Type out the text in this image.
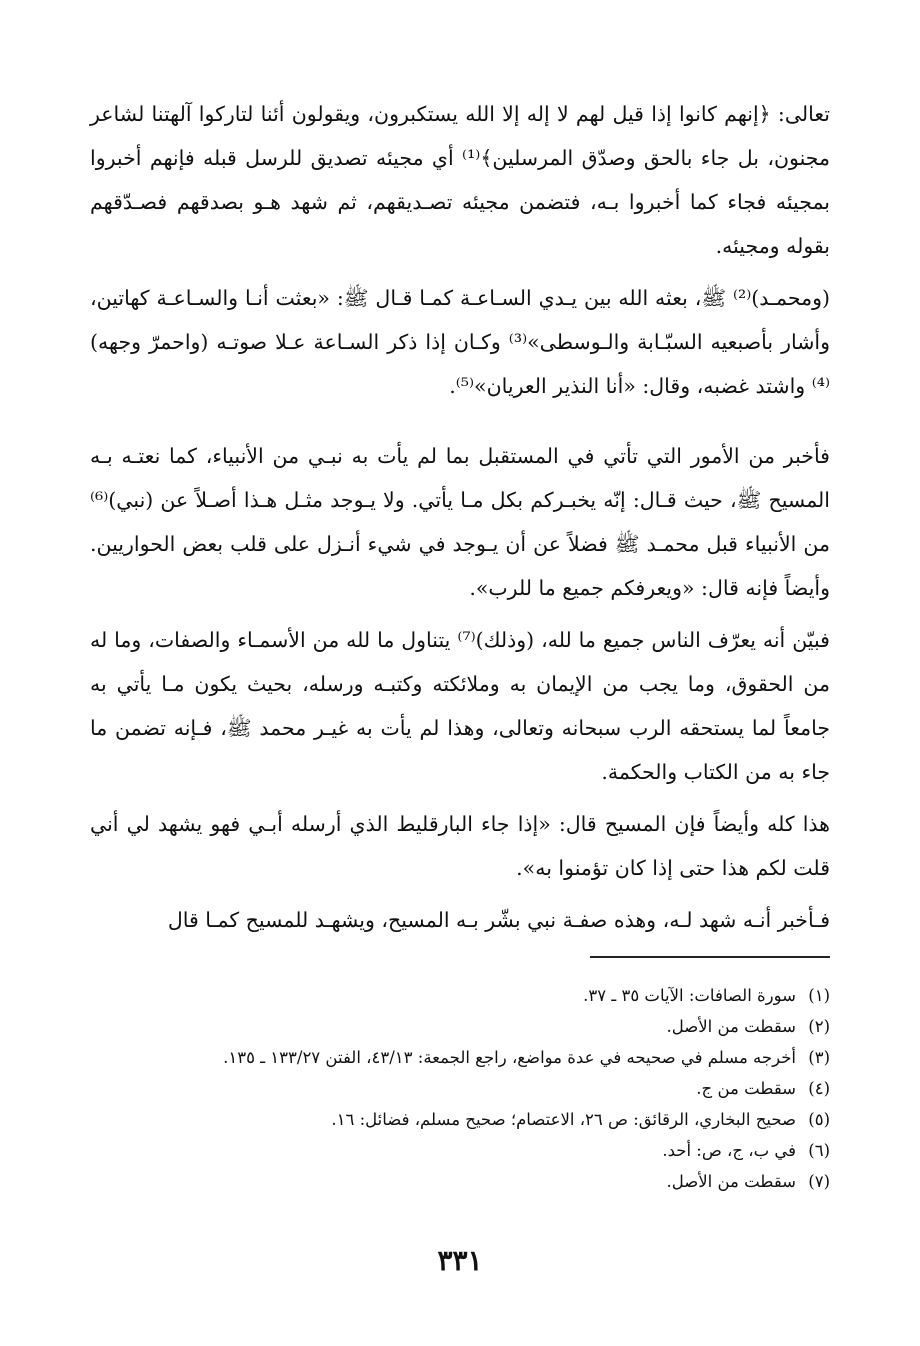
تعالى: ﴿إنهم كانوا إذا قيل لهم لا إله إلا الله يستكبرون، ويقولون أئنا لتاركوا آلهتنا لشاعر مجنون، بل جاء بالحق وصدّق المرسلين﴾⁽¹⁾ أي مجيئه تصديق للرسل قبله فإنهم أخبروا بمجيئه فجاء كما أخبروا بـه، فتضمن مجيئه تصـديقهم، ثم شهد هـو بصدقهم فصـدّقهم بقوله ومجيئه.

(ومحمـد)⁽²⁾ ﷺ، بعثه الله بين يـدي السـاعـة كمـا قـال ﷺ: «بعثت أنـا والسـاعـة كهاتين، وأشار بأصبعيه السبّـابة والـوسطى»⁽³⁾ وكـان إذا ذكر السـاعة عـلا صوتـه (واحمرّ وجهه)⁽⁴⁾ واشتد غضبه، وقال: «أنا النذير العريان»⁽⁵⁾.

فأخبر من الأمور التي تأتي في المستقبل بما لم يأت به نبـي من الأنبياء، كما نعتـه بـه المسيح ﷺ، حيث قـال: إنّه يخبـركم بكل مـا يأتي. ولا يـوجد مثـل هـذا أصـلاً عن (نبي)⁽⁶⁾ من الأنبياء قبل محمـد ﷺ فضلاً عن أن يـوجد في شيء أنـزل على قلب بعض الحواريين. وأيضاً فإنه قال: «ويعرفكم جميع ما للرب».

فبيّن أنه يعرّف الناس جميع ما لله، (وذلك)⁽⁷⁾ يتناول ما لله من الأسمـاء والصفات، وما له من الحقوق، وما يجب من الإيمان به وملائكته وكتبـه ورسله، بحيث يكون مـا يأتي به جامعاً لما يستحقه الرب سبحانه وتعالى، وهذا لم يأت به غيـر محمد ﷺ، فـإنه تضمن ما جاء به من الكتاب والحكمة.

هذا كله وأيضاً فإن المسيح قال: «إذا جاء البارقليط الذي أرسله أبـي فهو يشهد لي أني قلت لكم هذا حتى إذا كان تؤمنوا به».

فـأخبر أنـه شهد لـه، وهذه صفـة نبي بشّر بـه المسيح، ويشهـد للمسيح كمـا قال

(١)
سورة الصافات: الآيات ٣٥ ـ ٣٧.
(٢)
سقطت من الأصل.
(٣)
أخرجه مسلم في صحيحه في عدة مواضع، راجع الجمعة: ٤٣/١٣، الفتن ١٣٣/٢٧ ـ ١٣٥.
(٤)
سقطت من ج.
(٥)
صحيح البخاري، الرقائق: ص ٢٦، الاعتصام؛ صحيح مسلم، فضائل: ١٦.
(٦)
في ب، ج، ص: أحد.
(٧)
سقطت من الأصل.
٣٣١
